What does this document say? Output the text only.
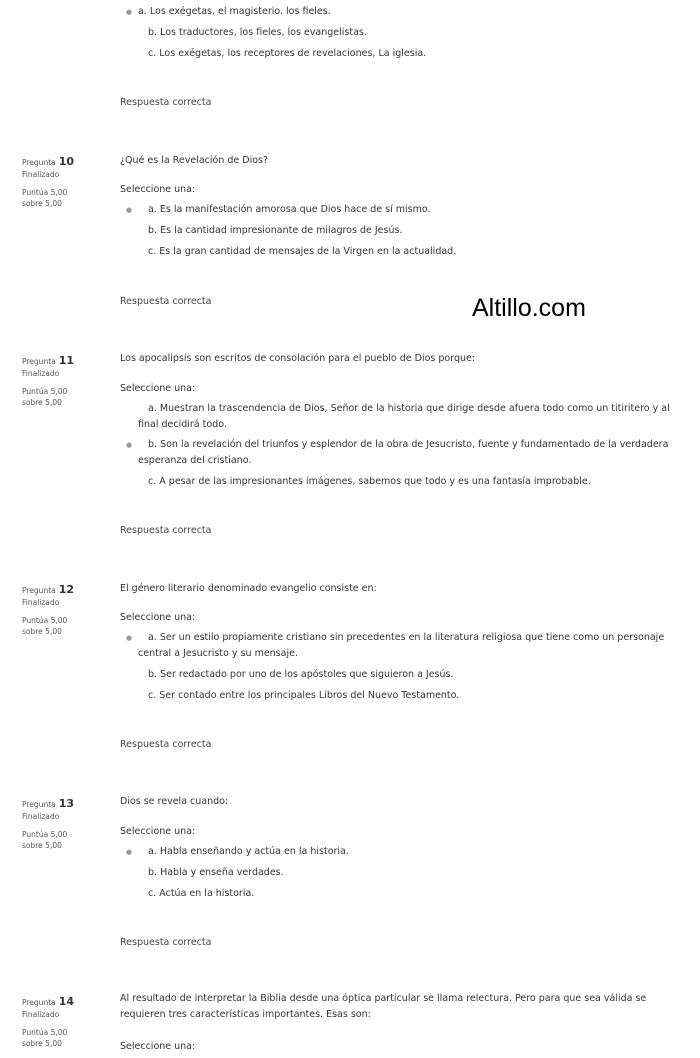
● a. Los exégetas. el magisterio. los fieles.
b. Los traductores, los fieles, los evangelistas.
c. Los exégetas, los receptores de revelaciones, La iglesia.
Respuesta correcta
Altillo.com
Pregunta 10
Finalizado
Puntúa 5,00
sobre 5,00
¿Qué es la Revelación de Dios?
Seleccione una:
● a. Es la manifestación amorosa que Dios hace de sí mismo.
b. Es la cantidad impresionante de milagros de Jesús.
c. Es la gran cantidad de mensajes de la Virgen en la actualidad.
Respuesta correcta
Pregunta 11
Finalizado
Puntúa 5,00
sobre 5,00
Los apocalipsis son escritos de consolación para el pueblo de Dios porque:
Seleccione una:
a. Muestran la trascendencia de Dios, Señor de la historia que dirige desde afuera todo como un titiritero y al final decidirá todo.
●	b. Son la revelación del triunfos y esplendor de la obra de Jesucristo, fuente y fundamentado de la verdadera esperanza del cristiano.
c. A pesar de las impresionantes imágenes, sabemos que todo y es una fantasía improbable.
Respuesta correcta
Pregunta 12
Finalizado
Puntúa 5,00
sobre 5,00
El género literario denominado evangelio consiste en:
Seleccione una:
●	a. Ser un estilo propiamente cristiano sin precedentes en la literatura religiosa que tiene como un personaje central a Jesucristo y su mensaje.
b. Ser redactado por uno de los apóstoles que siguieron a Jesús.
c. Ser contado entre los principales Libros del Nuevo Testamento.
Respuesta correcta
Pregunta 13
Finalizado
Puntúa 5,00
sobre 5,00
Dios se revela cuando:
Seleccione una:
● a. Habla enseñando y actúa en la historia.
b. Habla y enseña verdades.
c. Actúa en la historia.
Respuesta correcta
Pregunta 14
Finalizado
Puntúa 5,00
sobre 5,00
Al resultado de interpretar la Biblia desde una óptica particular se llama relectura. Pero para que sea válida se requieren tres características importantes. Esas son:
Seleccione una:
